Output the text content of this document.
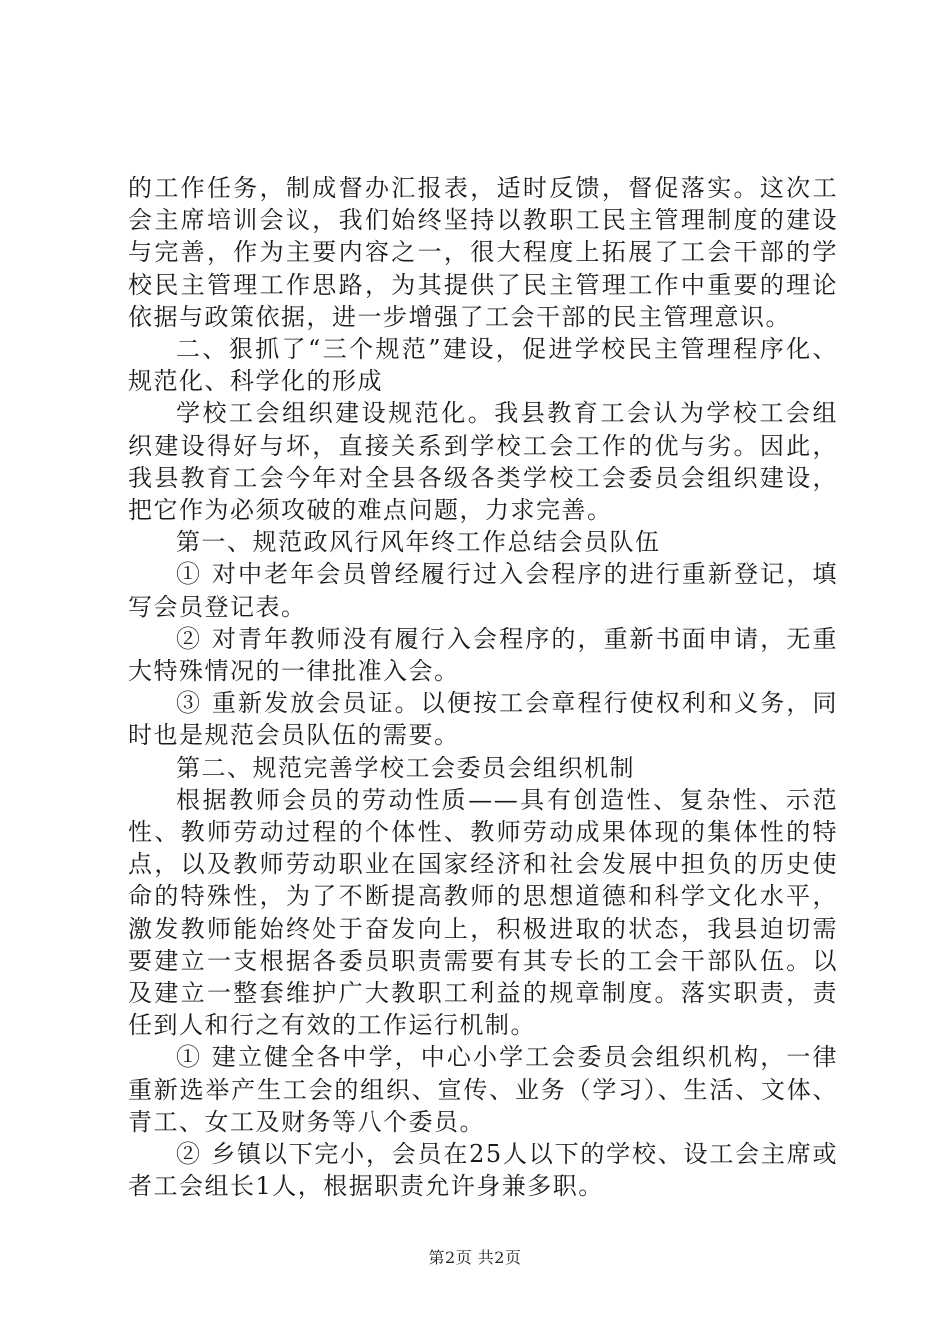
的工作任务，制成督办汇报表，适时反馈，督促落实。这次工会主席培训会议，我们始终坚持以教职工民主管理制度的建设与完善，作为主要内容之一，很大程度上拓展了工会干部的学校民主管理工作思路，为其提供了民主管理工作中重要的理论依据与政策依据，进一步增强了工会干部的民主管理意识。

二、狠抓了“三个规范”建设，促进学校民主管理程序化、规范化、科学化的形成

学校工会组织建设规范化。我县教育工会认为学校工会组织建设得好与坏，直接关系到学校工会工作的优与劣。因此，我县教育工会今年对全县各级各类学校工会委员会组织建设，把它作为必须攻破的难点问题，力求完善。

第一、规范政风行风年终工作总结会员队伍

① 对中老年会员曾经履行过入会程序的进行重新登记，填写会员登记表。

② 对青年教师没有履行入会程序的，重新书面申请，无重大特殊情况的一律批准入会。

③ 重新发放会员证。以便按工会章程行使权利和义务，同时也是规范会员队伍的需要。

第二、规范完善学校工会委员会组织机制

根据教师会员的劳动性质——具有创造性、复杂性、示范性、教师劳动过程的个体性、教师劳动成果体现的集体性的特点，以及教师劳动职业在国家经济和社会发展中担负的历史使命的特殊性，为了不断提高教师的思想道德和科学文化水平，激发教师能始终处于奋发向上，积极进取的状态，我县迫切需要建立一支根据各委员职责需要有其专长的工会干部队伍。以及建立一整套维护广大教职工利益的规章制度。落实职责，责任到人和行之有效的工作运行机制。

① 建立健全各中学，中心小学工会委员会组织机构，一律重新选举产生工会的组织、宣传、业务（学习）、生活、文体、青工、女工及财务等八个委员。

② 乡镇以下完小，会员在25人以下的学校、设工会主席或者工会组长1人，根据职责允许身兼多职。

第2页 共2页
